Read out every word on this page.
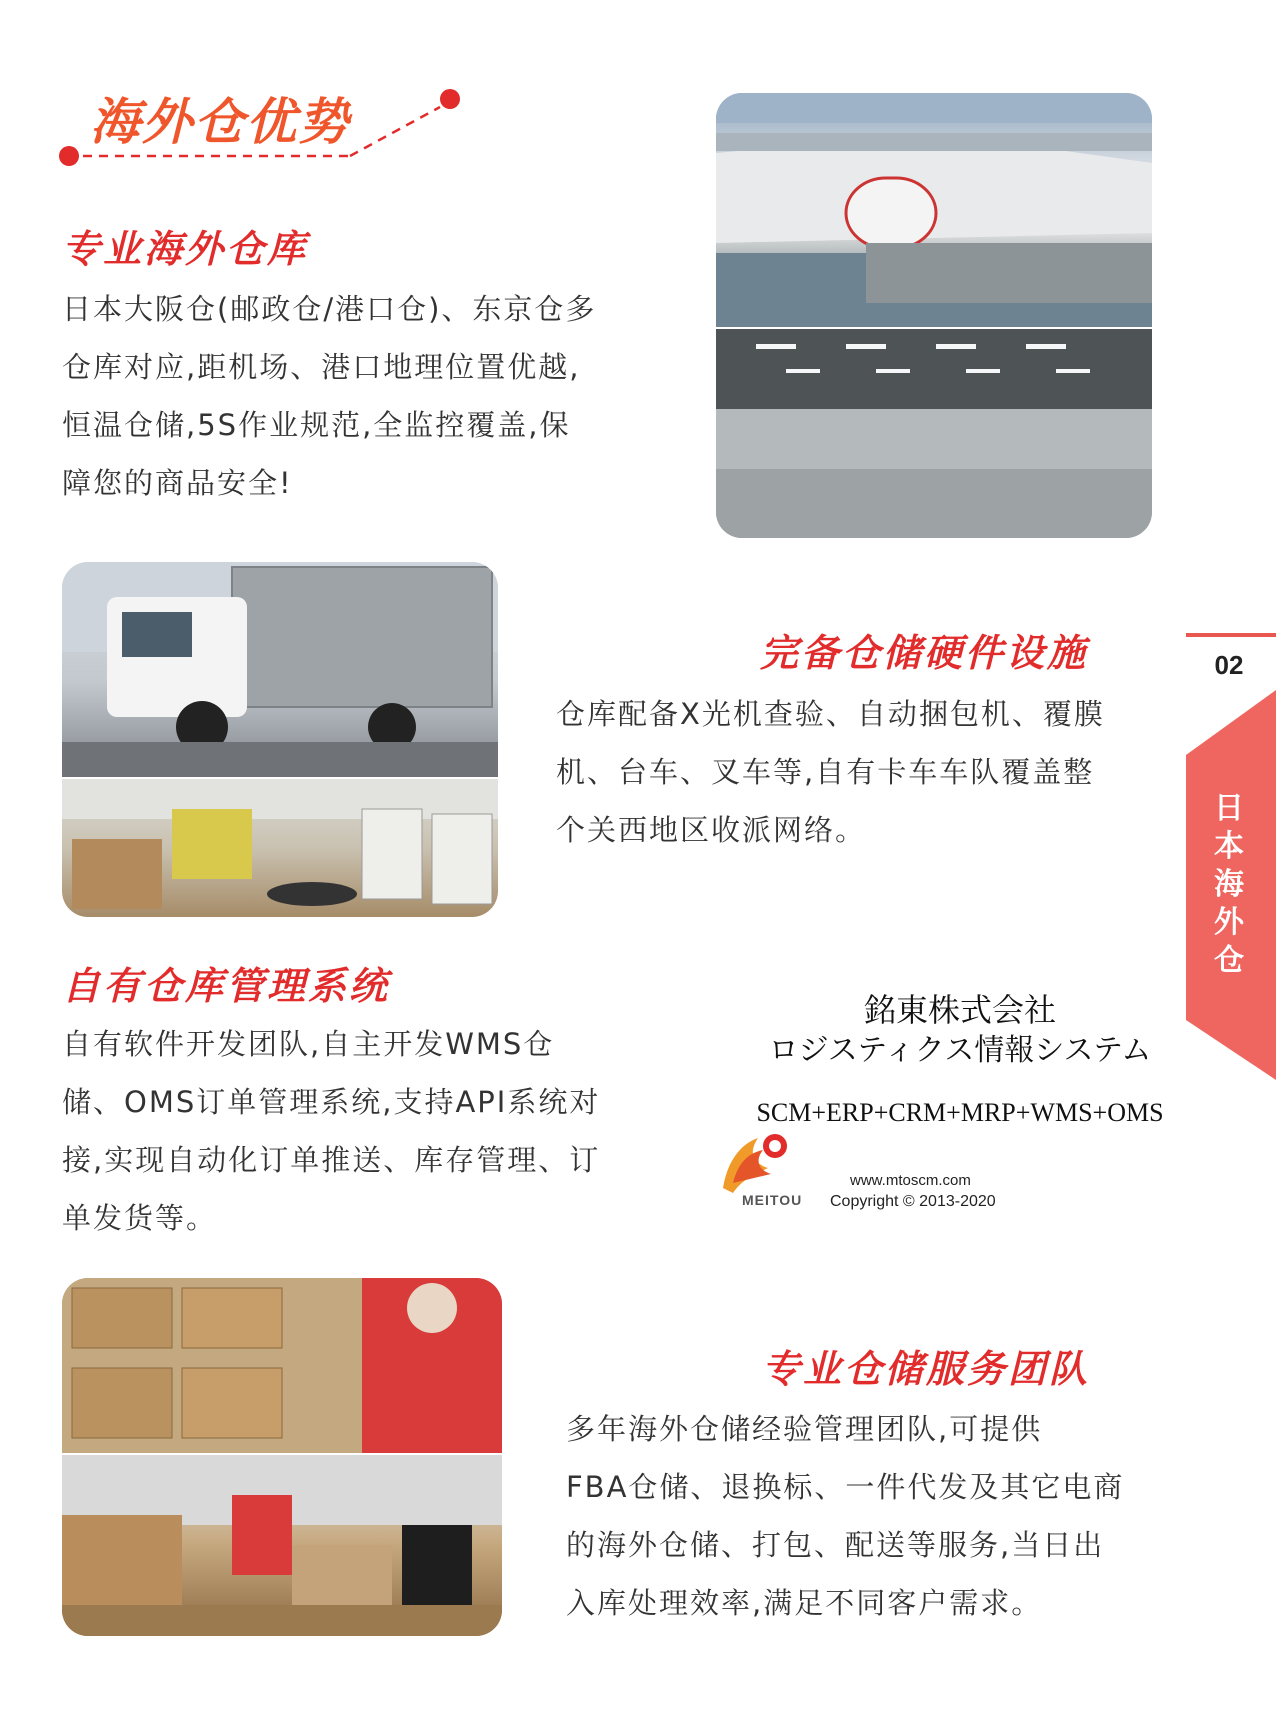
海外仓优势
专业海外仓库
日本大阪仓(邮政仓/港口仓)、东京仓多
仓库对应,距机场、港口地理位置优越,
恒温仓储,5S作业规范,全监控覆盖,保
障您的商品安全!
完备仓储硬件设施
仓库配备X光机查验、自动捆包机、覆膜
机、台车、叉车等,自有卡车车队覆盖整
个关西地区收派网络。
02
日
本
海
外
仓
自有仓库管理系统
自有软件开发团队,自主开发WMS仓
储、OMS订单管理系统,支持API系统对
接,实现自动化订单推送、库存管理、订
单发货等。
銘東株式会社
ロジスティクス情報システム
SCM+ERP+CRM+MRP+WMS+OMS
MEITOU
www.mtoscm.com
Copyright © 2013-2020
专业仓储服务团队
多年海外仓储经验管理团队,可提供
FBA仓储、退换标、一件代发及其它电商
的海外仓储、打包、配送等服务,当日出
入库处理效率,满足不同客户需求。
